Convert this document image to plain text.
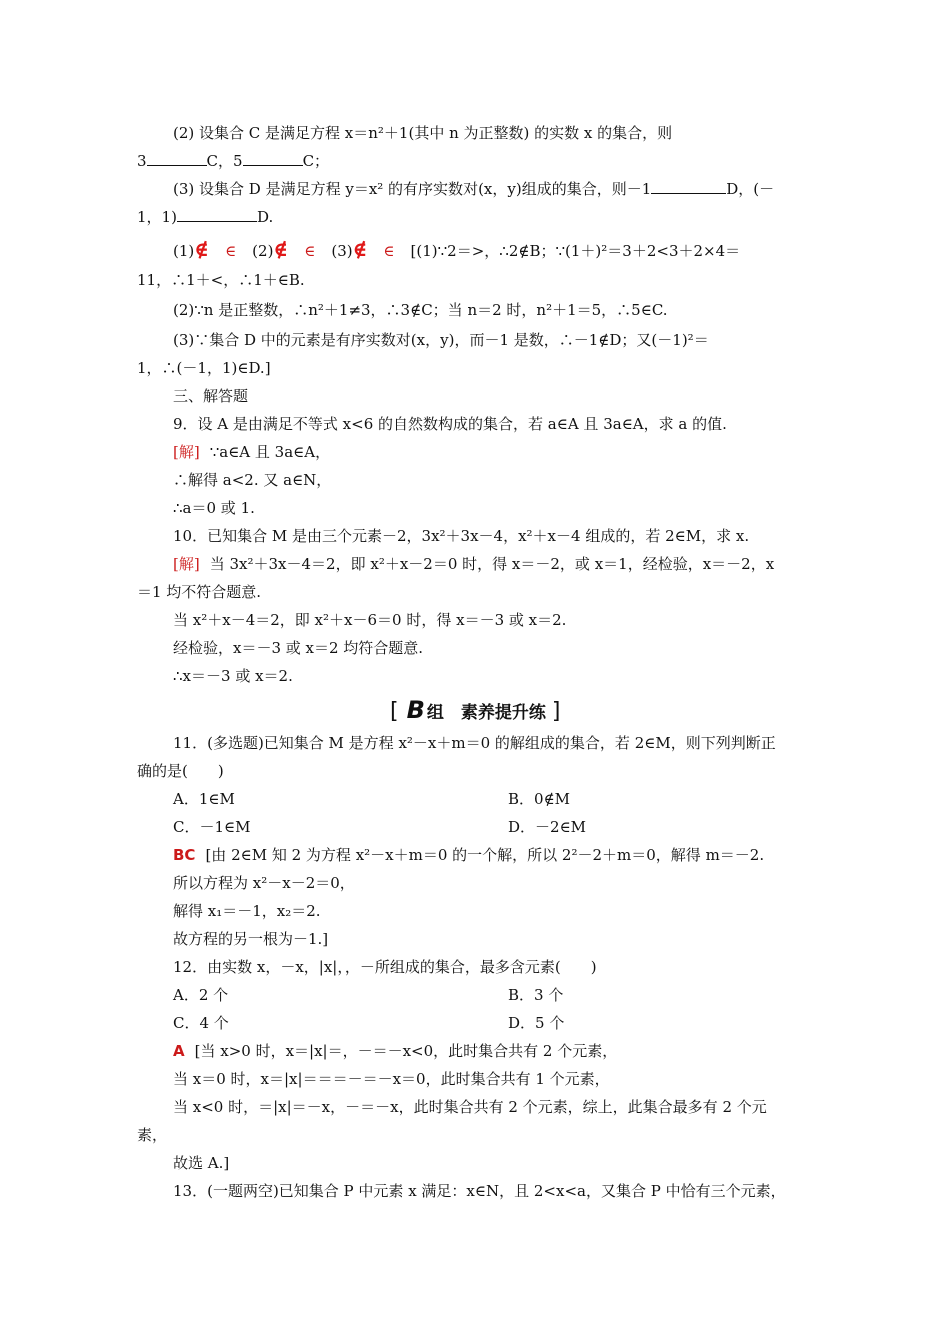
(2) 设集合 C 是满足方程 x＝n²＋1(其中 n 为正整数) 的实数 x 的集合，则
3	C，5	C；
(3) 设集合 D 是满足方程 y＝x² 的有序实数对(x，y)组成的集合，则－1	D，(－
1，1)	D.
(1)∉ ∈ (2)∉ ∈ (3)∉ ∈ [(1)∵2＝>，∴2∉B；∵(1＋)²＝3＋2<3＋2×4＝
11，∴1＋<，∴1＋∈B.
(2)∵n 是正整数，∴n²＋1≠3，∴3∉C；当 n＝2 时，n²＋1＝5，∴5∈C.
(3)∵集合 D 中的元素是有序实数对(x，y)，而－1 是数，∴－1∉D；又(－1)²＝
1，∴(－1，1)∈D.]
三、解答题
9．设 A 是由满足不等式 x<6 的自然数构成的集合，若 a∈A 且 3a∈A，求 a 的值.
[解] ∵a∈A 且 3a∈A，
∴解得 a<2. 又 a∈N，
∴a＝0 或 1.
10．已知集合 M 是由三个元素－2，3x²＋3x－4，x²＋x－4 组成的，若 2∈M，求 x.
[解] 当 3x²＋3x－4＝2，即 x²＋x－2＝0 时，得 x＝－2，或 x＝1，经检验，x＝－2，x
＝1 均不符合题意.
当 x²＋x－4＝2，即 x²＋x－6＝0 时，得 x＝－3 或 x＝2.
经检验，x＝－3 或 x＝2 均符合题意.
∴x＝－3 或 x＝2.
[ B 组　素养提升练 ]
11．(多选题)已知集合 M 是方程 x²－x＋m＝0 的解组成的集合，若 2∈M，则下列判断正
确的是(　　)
A．1∈M	B．0∉M
C．－1∈M	D．－2∈M
BC [由 2∈M 知 2 为方程 x²－x＋m＝0 的一个解，所以 2²－2＋m＝0，解得 m＝－2.
所以方程为 x²－x－2＝0，
解得 x₁＝－1，x₂＝2.
故方程的另一根为－1.]
12．由实数 x，－x，|x|，，－所组成的集合，最多含元素(　　)
A．2 个	B．3 个
C．4 个	D．5 个
A [当 x>0 时，x＝|x|＝，－＝－x<0，此时集合共有 2 个元素，
当 x＝0 时，x＝|x|＝＝＝－＝－x＝0，此时集合共有 1 个元素，
当 x<0 时，＝|x|＝－x，－＝－x，此时集合共有 2 个元素，综上，此集合最多有 2 个元
素，
故选 A.]
13．(一题两空)已知集合 P 中元素 x 满足：x∈N，且 2<x<a，又集合 P 中恰有三个元素，
